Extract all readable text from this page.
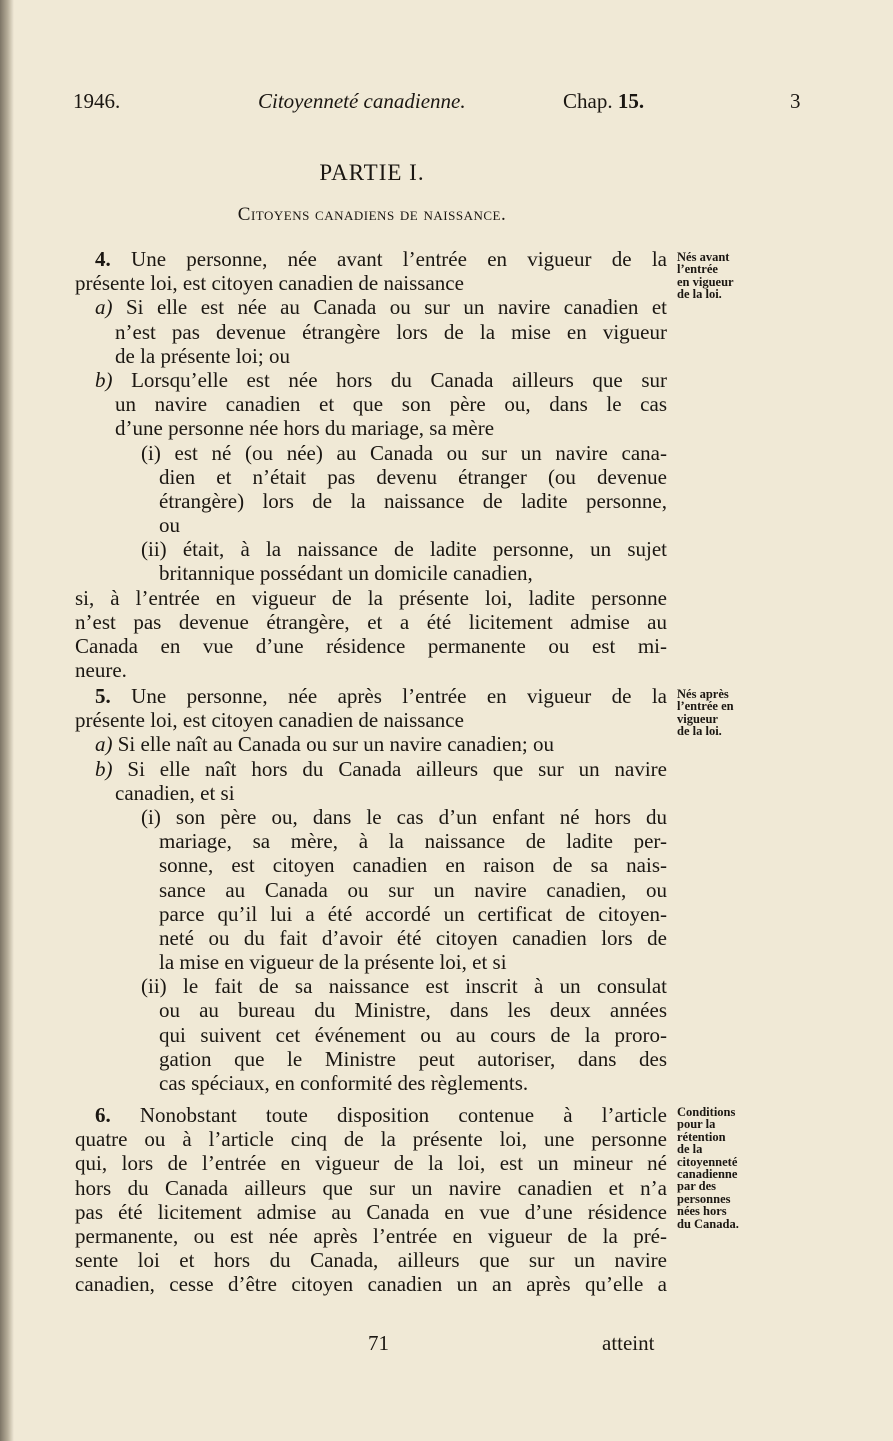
1946.	Citoyenneté canadienne.	Chap. 15.	3
PARTIE I.
Citoyens canadiens de naissance.
4. Une personne, née avant l’entrée en vigueur de la
présente loi, est citoyen canadien de naissance
a) Si elle est née au Canada ou sur un navire canadien et
n’est pas devenue étrangère lors de la mise en vigueur
de la présente loi; ou
b) Lorsqu’elle est née hors du Canada ailleurs que sur
un navire canadien et que son père ou, dans le cas
d’une personne née hors du mariage, sa mère
(i) est né (ou née) au Canada ou sur un navire cana-
dien et n’était pas devenu étranger (ou devenue
étrangère) lors de la naissance de ladite personne,
ou
(ii) était, à la naissance de ladite personne, un sujet
britannique possédant un domicile canadien,
si, à l’entrée en vigueur de la présente loi, ladite personne
n’est pas devenue étrangère, et a été licitement admise au
Canada en vue d’une résidence permanente ou est mi-
neure.
Nés avant
l’entrée
en vigueur
de la loi.
5. Une personne, née après l’entrée en vigueur de la
présente loi, est citoyen canadien de naissance
a) Si elle naît au Canada ou sur un navire canadien; ou
b) Si elle naît hors du Canada ailleurs que sur un navire
canadien, et si
(i) son père ou, dans le cas d’un enfant né hors du
mariage, sa mère, à la naissance de ladite per-
sonne, est citoyen canadien en raison de sa nais-
sance au Canada ou sur un navire canadien, ou
parce qu’il lui a été accordé un certificat de citoyen-
neté ou du fait d’avoir été citoyen canadien lors de
la mise en vigueur de la présente loi, et si
(ii) le fait de sa naissance est inscrit à un consulat
ou au bureau du Ministre, dans les deux années
qui suivent cet événement ou au cours de la proro-
gation que le Ministre peut autoriser, dans des
cas spéciaux, en conformité des règlements.
Nés après
l’entrée en
vigueur
de la loi.
6. Nonobstant toute disposition contenue à l’article
quatre ou à l’article cinq de la présente loi, une personne
qui, lors de l’entrée en vigueur de la loi, est un mineur né
hors du Canada ailleurs que sur un navire canadien et n’a
pas été licitement admise au Canada en vue d’une résidence
permanente, ou est née après l’entrée en vigueur de la pré-
sente loi et hors du Canada, ailleurs que sur un navire
canadien, cesse d’être citoyen canadien un an après qu’elle a
Conditions
pour la
rétention
de la
citoyenneté
canadienne
par des
personnes
nées hors
du Canada.
71	atteint
